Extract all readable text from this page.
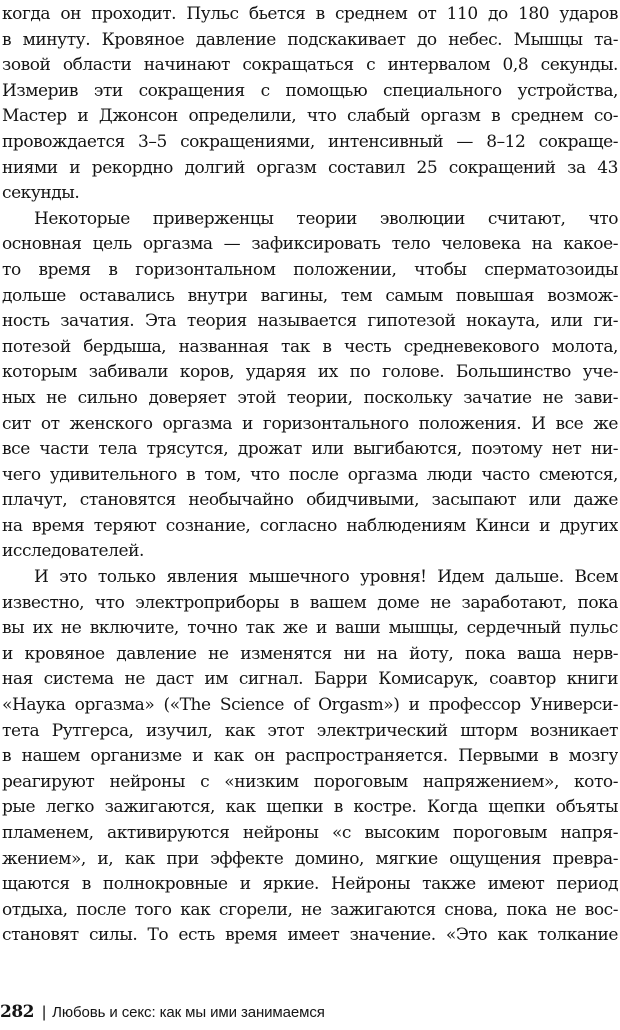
когда он проходит. Пульс бьется в среднем от 110 до 180 ударов
в минуту. Кровяное давление подскакивает до небес. Мышцы та-
зовой области начинают сокращаться с интервалом 0,8 секунды.
Измерив эти сокращения с помощью специального устройства,
Мастер и Джонсон определили, что слабый оргазм в среднем со-
провождается 3–5 сокращениями, интенсивный — 8–12 сокраще-
ниями и рекордно долгий оргазм составил 25 сокращений за 43
секунды.
Некоторые приверженцы теории эволюции считают, что
основная цель оргазма — зафиксировать тело человека на какое-
то время в горизонтальном положении, чтобы сперматозоиды
дольше оставались внутри вагины, тем самым повышая возмож-
ность зачатия. Эта теория называется гипотезой нокаута, или ги-
потезой бердыша, названная так в честь средневекового молота,
которым забивали коров, ударяя их по голове. Большинство уче-
ных не сильно доверяет этой теории, поскольку зачатие не зави-
сит от женского оргазма и горизонтального положения. И все же
все части тела трясутся, дрожат или выгибаются, поэтому нет ни-
чего удивительного в том, что после оргазма люди часто смеются,
плачут, становятся необычайно обидчивыми, засыпают или даже
на время теряют сознание, согласно наблюдениям Кинси и других
исследователей.
И это только явления мышечного уровня! Идем дальше. Всем
известно, что электроприборы в вашем доме не заработают, пока
вы их не включите, точно так же и ваши мышцы, сердечный пульс
и кровяное давление не изменятся ни на йоту, пока ваша нерв-
ная система не даст им сигнал. Барри Комисарук, соавтор книги
«Наука оргазма» («The Science of Orgasm») и профессор Универси-
тета Рутгерса, изучил, как этот электрический шторм возникает
в нашем организме и как он распространяется. Первыми в мозгу
реагируют нейроны с «низким пороговым напряжением», кото-
рые легко зажигаются, как щепки в костре. Когда щепки объяты
пламенем, активируются нейроны «с высоким пороговым напря-
жением», и, как при эффекте домино, мягкие ощущения превра-
щаются в полнокровные и яркие. Нейроны также имеют период
отдыха, после того как сгорели, не зажигаются снова, пока не вос-
становят силы. То есть время имеет значение. «Это как толкание
282 | Любовь и секс: как мы ими занимаемся
